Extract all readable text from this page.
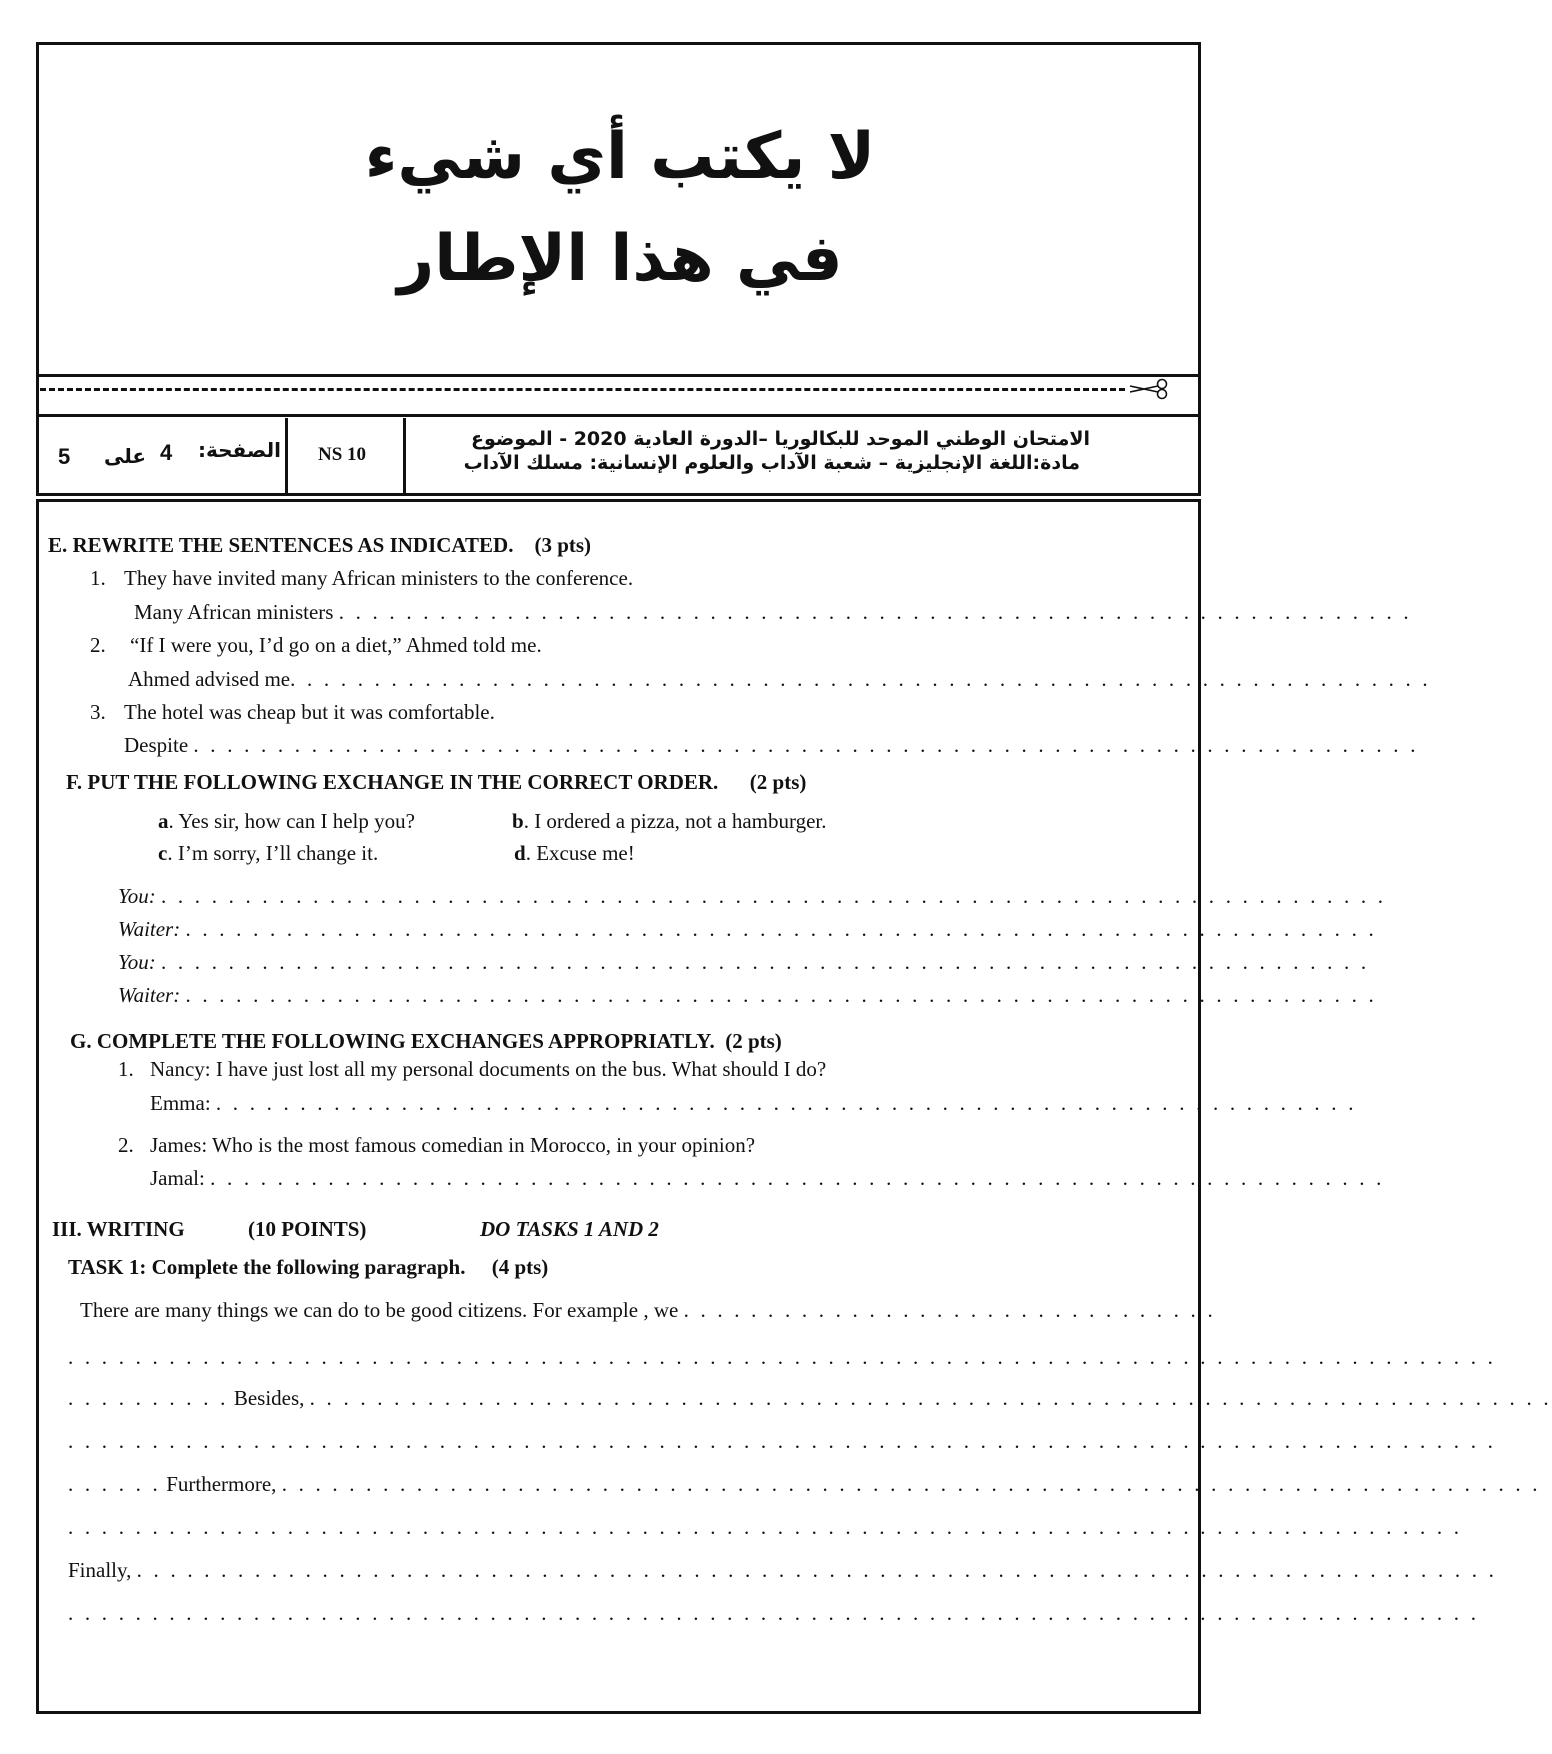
لا يكتب أي شيء
في هذا الإطار
5 على 4 الصفحة: NS 10
الامتحان الوطني الموحد للبكالوريا –الدورة العادية 2020 - الموضوع
مادة:اللغة الإنجليزية – شعبة الآداب والعلوم الإنسانية: مسلك الآداب
E. REWRITE THE SENTENCES AS INDICATED. (3 pts)
1. They have invited many African ministers to the conference.
Many African ministers . . . . . . . . . . . . . . . . . . . . . . . . . . . . . . . . . . . . . . . . . . . . . . . . . . . . . . . . . . . . . . . .
2. “If I were you, I’d go on a diet,” Ahmed told me.
Ahmed advised me. . . . . . . . . . . . . . . . . . . . . . . . . . . . . . . . . . . . . . . . . . . . . . . . . . . . . . . . . . . . . . . . . . . .
3. The hotel was cheap but it was comfortable.
Despite . . . . . . . . . . . . . . . . . . . . . . . . . . . . . . . . . . . . . . . . . . . . . . . . . . . . . . . . . . . . . . . . . . . . . . . . .
F. PUT THE FOLLOWING EXCHANGE IN THE CORRECT ORDER. (2 pts)
a. Yes sir, how can I help you?	b. I ordered a pizza, not a hamburger.
c. I’m sorry, I’ll change it.	d. Excuse me!
You: . . . . . . . . . . . . . . . . . . . . . . . . . . . . . . . . . . . . . . . . . . . . . . . . . . . . . . . . . . . . . . . . . . . . . . . . .
Waiter: . . . . . . . . . . . . . . . . . . . . . . . . . . . . . . . . . . . . . . . . . . . . . . . . . . . . . . . . . . . . . . . . . . . . . . .
You: . . . . . . . . . . . . . . . . . . . . . . . . . . . . . . . . . . . . . . . . . . . . . . . . . . . . . . . . . . . . . . . . . . . . . . . .
Waiter: . . . . . . . . . . . . . . . . . . . . . . . . . . . . . . . . . . . . . . . . . . . . . . . . . . . . . . . . . . . . . . . . . . . . . . .
G. COMPLETE THE FOLLOWING EXCHANGES APPROPRIATLY. (2 pts)
1. Nancy: I have just lost all my personal documents on the bus. What should I do?
Emma: . . . . . . . . . . . . . . . . . . . . . . . . . . . . . . . . . . . . . . . . . . . . . . . . . . . . . . . . . . . . . . . . . . . .
2. James: Who is the most famous comedian in Morocco, in your opinion?
Jamal: . . . . . . . . . . . . . . . . . . . . . . . . . . . . . . . . . . . . . . . . . . . . . . . . . . . . . . . . . . . . . . . . . . . . . .
III. WRITING	(10 POINTS)	DO TASKS 1 AND 2
TASK 1: Complete the following paragraph. (4 pts)
There are many things we can do to be good citizens. For example , we . . . . . . . . . . . . . . . . . . . . . . . . . . . . . . . .
. . . . . . . . . . . . . . . . . . . . . . . . . . . . . . . . . . . . . . . . . . . . . . . . . . . . . . . . . . . . . . . . . . . . . . . . . . . . . . . . . . . . .
. . . . . . . . . . Besides, . . . . . . . . . . . . . . . . . . . . . . . . . . . . . . . . . . . . . . . . . . . . . . . . . . . . . . . . . . . . . . . . . . . . . . . . . .
. . . . . . . . . . . . . . . . . . . . . . . . . . . . . . . . . . . . . . . . . . . . . . . . . . . . . . . . . . . . . . . . . . . . . . . . . . . . . . . . . . . . .
. . . . . . Furthermore, . . . . . . . . . . . . . . . . . . . . . . . . . . . . . . . . . . . . . . . . . . . . . . . . . . . . . . . . . . . . . . . . . . . . . . . . . . .
. . . . . . . . . . . . . . . . . . . . . . . . . . . . . . . . . . . . . . . . . . . . . . . . . . . . . . . . . . . . . . . . . . . . . . . . . . . . . . . . . . .
Finally, . . . . . . . . . . . . . . . . . . . . . . . . . . . . . . . . . . . . . . . . . . . . . . . . . . . . . . . . . . . . . . . . . . . . . . . . . . . . . . . . .
. . . . . . . . . . . . . . . . . . . . . . . . . . . . . . . . . . . . . . . . . . . . . . . . . . . . . . . . . . . . . . . . . . . . . . . . . . . . . . . . . . . .
